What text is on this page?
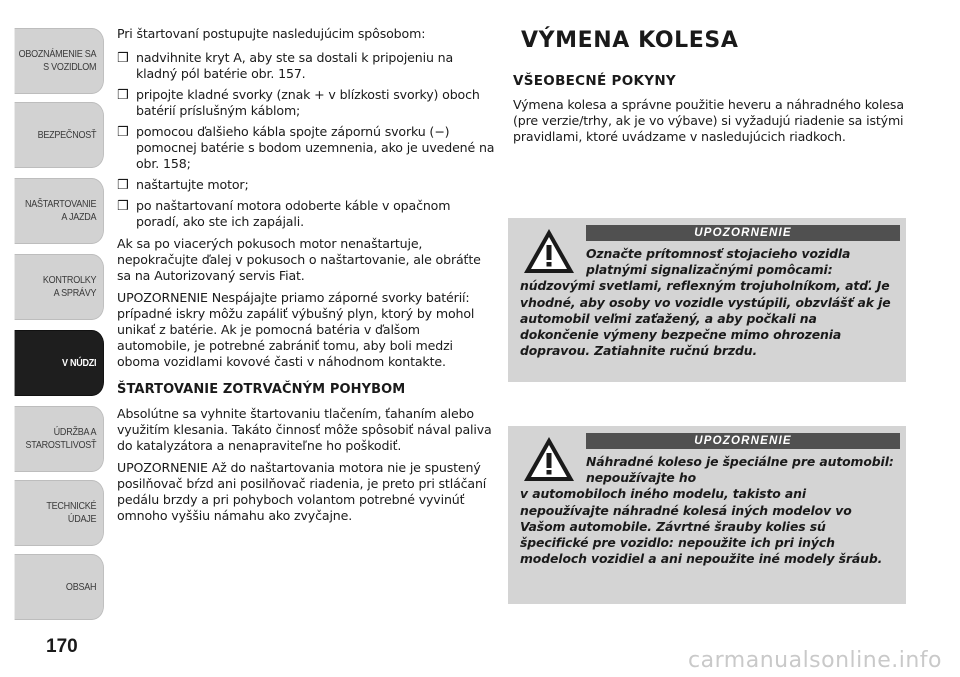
OBOZNÁMENIE SA
S VOZIDLOM
BEZPEČNOSŤ
NAŠTARTOVANIE
A JAZDA
KONTROLKY
A SPRÁVY
V NÚDZI
ÚDRŽBA A
STAROSTLIVOSŤ
TECHNICKÉ
ÚDAJE
OBSAH
170

Pri štartovaní postupujte nasledujúcim spôsobom:

❒ nadvihnite kryt A, aby ste sa dostali k pripojeniu na kladný pól batérie obr. 157.
❒ pripojte kladné svorky (znak + v blízkosti svorky) oboch batérií príslušným káblom;
❒ pomocou ďalšieho kábla spojte zápornú svorku (−) pomocnej batérie s bodom uzemnenia, ako je uvedené na obr. 158;
❒ naštartujte motor;
❒ po naštartovaní motora odoberte káble v opačnom poradí, ako ste ich zapájali.

Ak sa po viacerých pokusoch motor nenaštartuje, nepokračujte ďalej v pokusoch o naštartovanie, ale obráťte sa na Autorizovaný servis Fiat.

UPOZORNENIE Nespájajte priamo záporné svorky batérií: prípadné iskry môžu zapáliť výbušný plyn, ktorý by mohol unikať z batérie. Ak je pomocná batéria v ďalšom automobile, je potrebné zabrániť tomu, aby boli medzi oboma vozidlami kovové časti v náhodnom kontakte.

ŠTARTOVANIE ZOTRVAČNÝM POHYBOM

Absolútne sa vyhnite štartovaniu tlačením, ťahaním alebo využitím klesania. Takáto činnosť môže spôsobiť nával paliva do katalyzátora a nenapraviteľne ho poškodiť.

UPOZORNENIE Až do naštartovania motora nie je spustený posilňovač bŕzd ani posilňovač riadenia, je preto pri stláčaní pedálu brzdy a pri pohyboch volantom potrebné vyvinúť omnoho vyššiu námahu ako zvyčajne.

VÝMENA KOLESA
VŠEOBECNÉ POKYNY

Výmena kolesa a správne použitie heveru a náhradného kolesa (pre verzie/trhy, ak je vo výbave) si vyžadujú riadenie sa istými pravidlami, ktoré uvádzame v nasledujúcich riadkoch.

UPOZORNENIE
Označte prítomnosť stojacieho vozidla platnými signalizačnými pomôcami:
núdzovými svetlami, reflexným trojuholníkom, atď. Je vhodné, aby osoby vo vozidle vystúpili, obzvlášť ak je automobil veľmi zaťažený, a aby počkali na dokončenie výmeny bezpečne mimo ohrozenia dopravou. Zatiahnite ručnú brzdu.
UPOZORNENIE
Náhradné koleso je špeciálne pre automobil: nepoužívajte ho
v automobiloch iného modelu, takisto ani nepoužívajte náhradné kolesá iných modelov vo Vašom automobile. Závrtné šrauby kolies sú špecifické pre vozidlo: nepoužite ich pri iných modeloch vozidiel a ani nepoužite iné modely šráub.
carmanualsonline.info
